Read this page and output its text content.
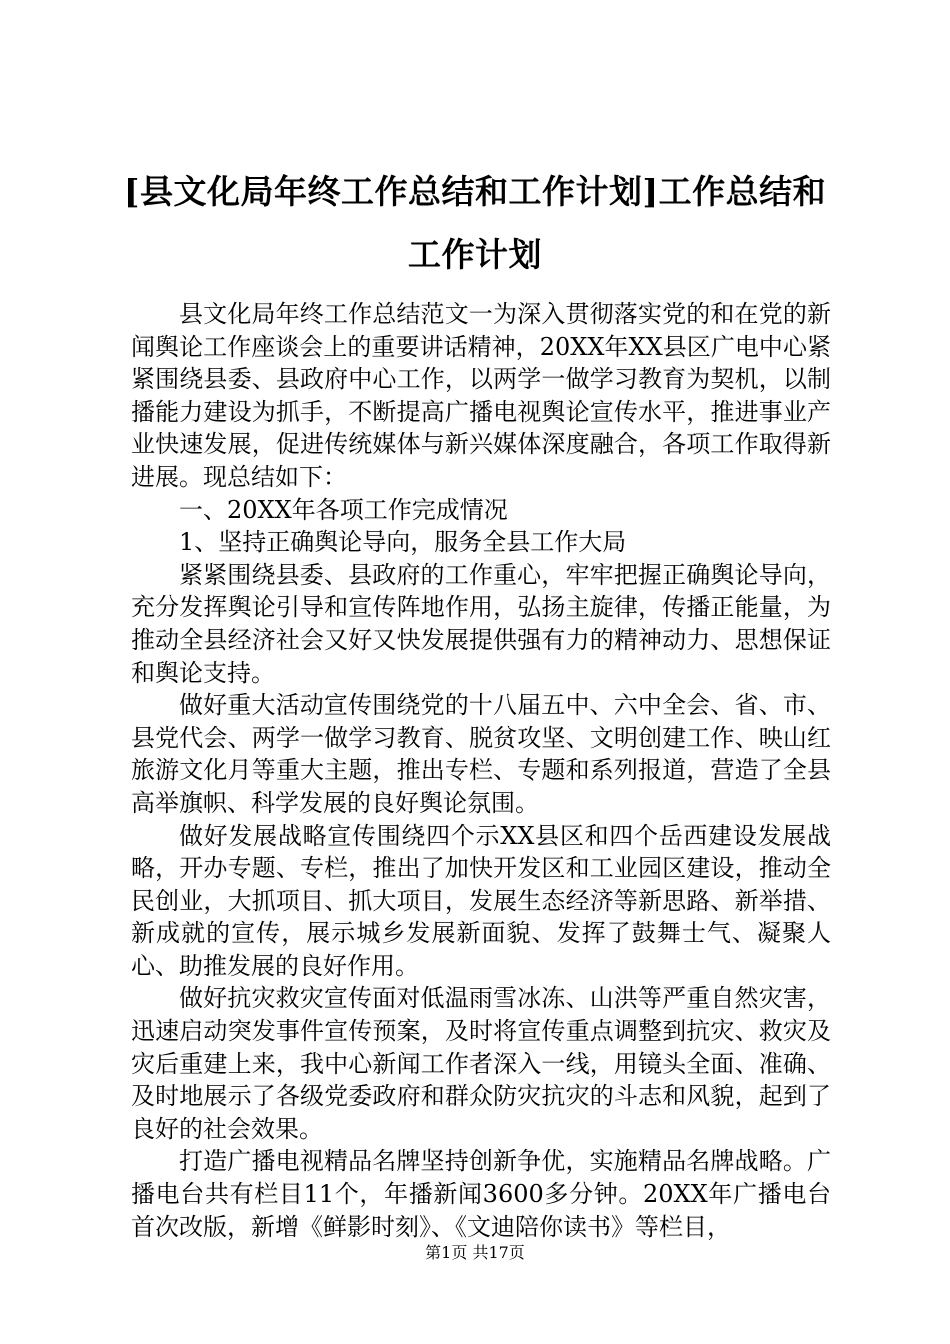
[县文化局年终工作总结和工作计划]工作总结和工作计划

县文化局年终工作总结范文一为深入贯彻落实党的和在党的新闻舆论工作座谈会上的重要讲话精神，20XX年XX县区广电中心紧紧围绕县委、县政府中心工作，以两学一做学习教育为契机，以制播能力建设为抓手，不断提高广播电视舆论宣传水平，推进事业产业快速发展，促进传统媒体与新兴媒体深度融合，各项工作取得新进展。现总结如下：

一、20XX年各项工作完成情况

1、坚持正确舆论导向，服务全县工作大局

紧紧围绕县委、县政府的工作重心，牢牢把握正确舆论导向，充分发挥舆论引导和宣传阵地作用，弘扬主旋律，传播正能量，为推动全县经济社会又好又快发展提供强有力的精神动力、思想保证和舆论支持。

做好重大活动宣传围绕党的十八届五中、六中全会、省、市、县党代会、两学一做学习教育、脱贫攻坚、文明创建工作、映山红旅游文化月等重大主题，推出专栏、专题和系列报道，营造了全县高举旗帜、科学发展的良好舆论氛围。

做好发展战略宣传围绕四个示XX县区和四个岳西建设发展战略，开办专题、专栏，推出了加快开发区和工业园区建设，推动全民创业，大抓项目、抓大项目，发展生态经济等新思路、新举措、新成就的宣传，展示城乡发展新面貌、发挥了鼓舞士气、凝聚人心、助推发展的良好作用。

做好抗灾救灾宣传面对低温雨雪冰冻、山洪等严重自然灾害，迅速启动突发事件宣传预案，及时将宣传重点调整到抗灾、救灾及灾后重建上来，我中心新闻工作者深入一线，用镜头全面、准确、及时地展示了各级党委政府和群众防灾抗灾的斗志和风貌，起到了良好的社会效果。

打造广播电视精品名牌坚持创新争优，实施精品名牌战略。广播电台共有栏目11个，年播新闻3600多分钟。20XX年广播电台首次改版，新增《鲜影时刻》、《文迪陪你读书》等栏目，

第1页 共17页
